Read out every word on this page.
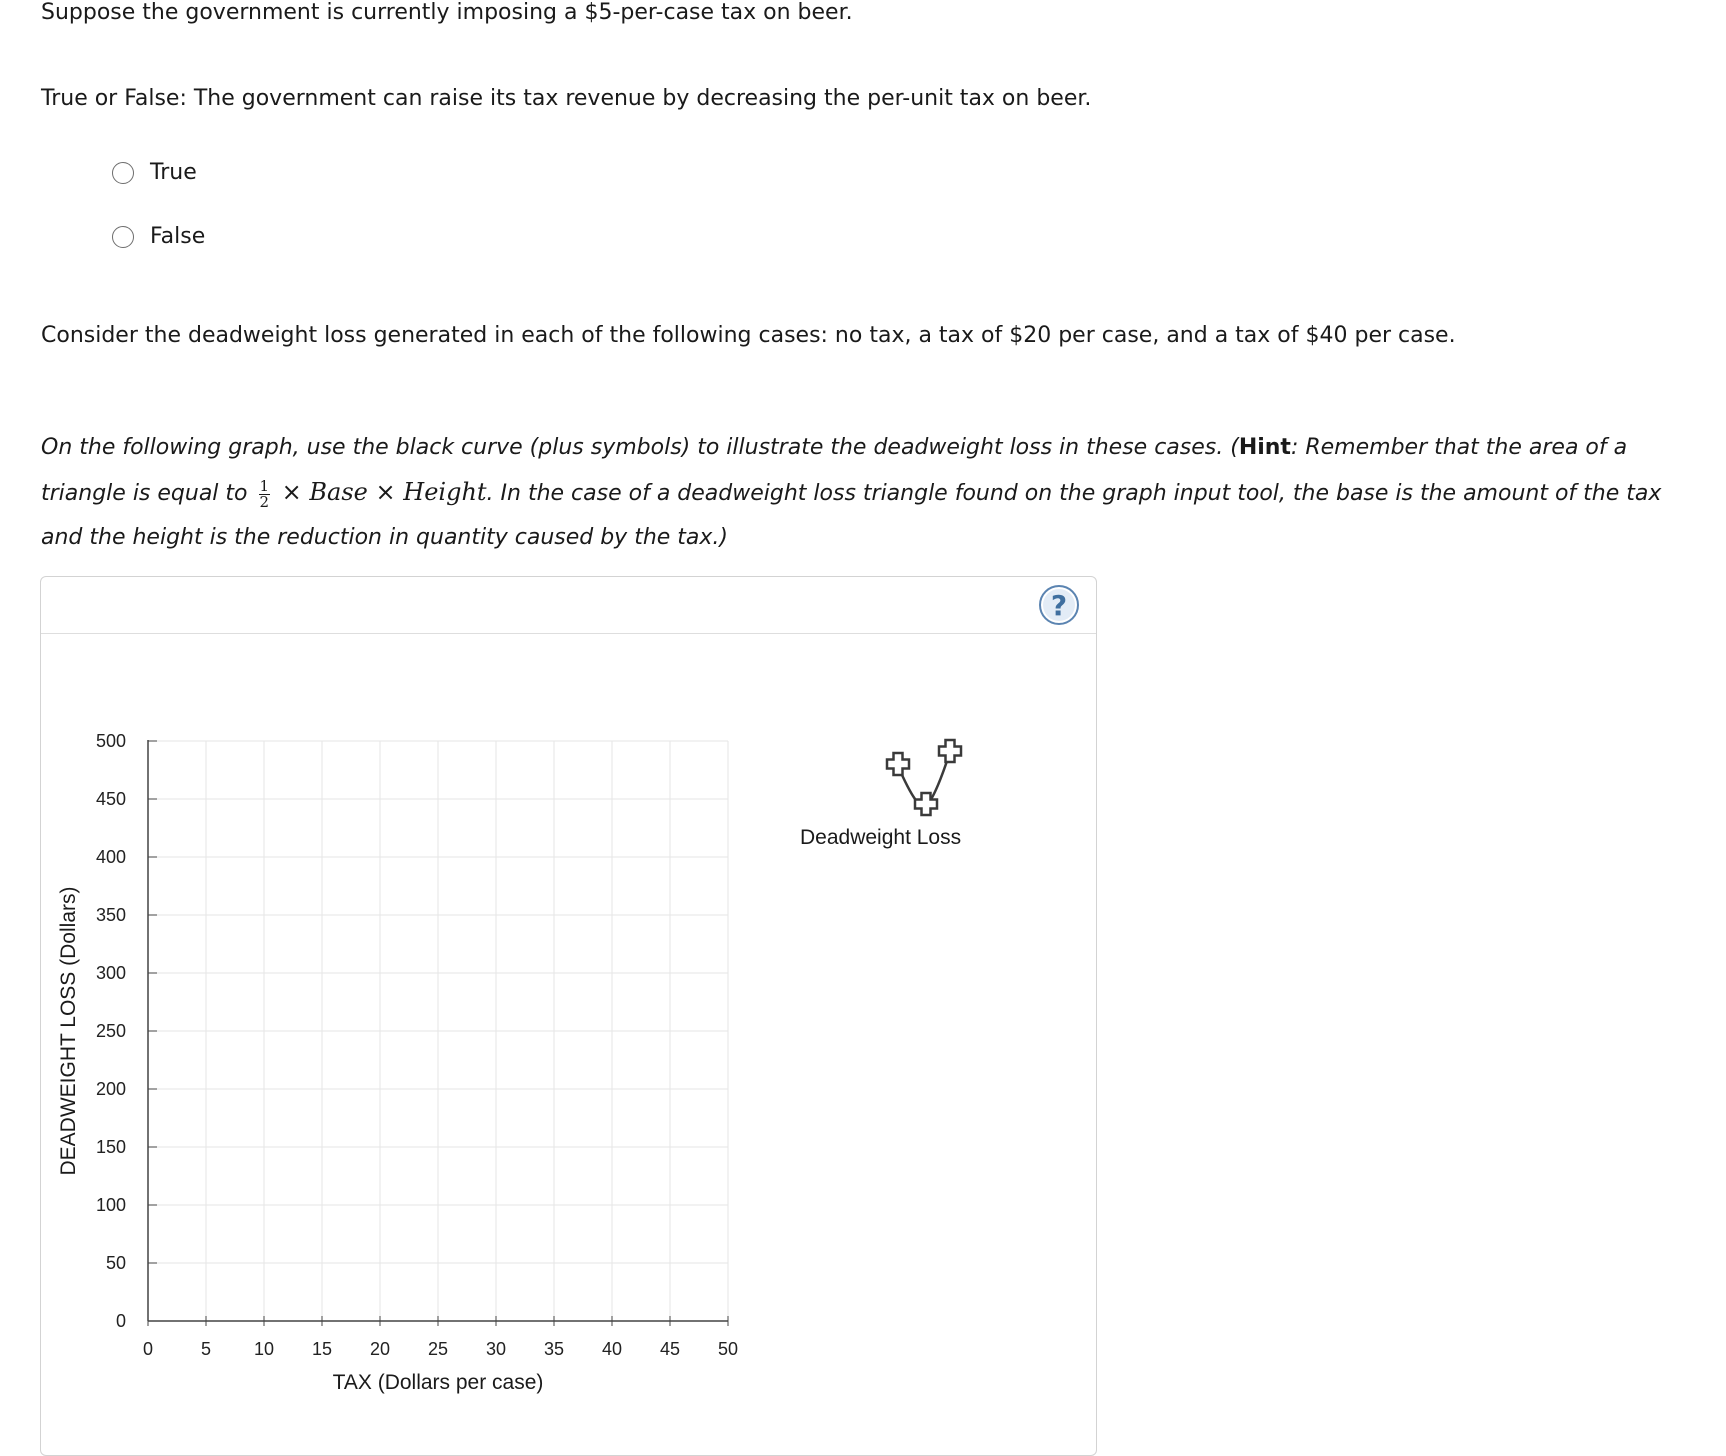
Suppose the government is currently imposing a $5-per-case tax on beer.

True or False: The government can raise its tax revenue by decreasing the per-unit tax on beer.

True
False

Consider the deadweight loss generated in each of the following cases: no tax, a tax of $20 per case, and a tax of $40 per case.

On the following graph, use the black curve (plus symbols) to illustrate the deadweight loss in these cases. (Hint: Remember that the area of a triangle is equal to $\frac{1}{2}$ × Base × Height. In the case of a deadweight loss triangle found on the graph input tool, the base is the amount of the tax and the height is the reduction in quantity caused by the tax.)

?
0	5 10 15 20 25 30 35 40 45 50
0
50
100
150
200
250
300
350
400
450
500
TAX (Dollars per case)
DEADWEIGHT LOSS (Dollars)
Deadweight Loss
